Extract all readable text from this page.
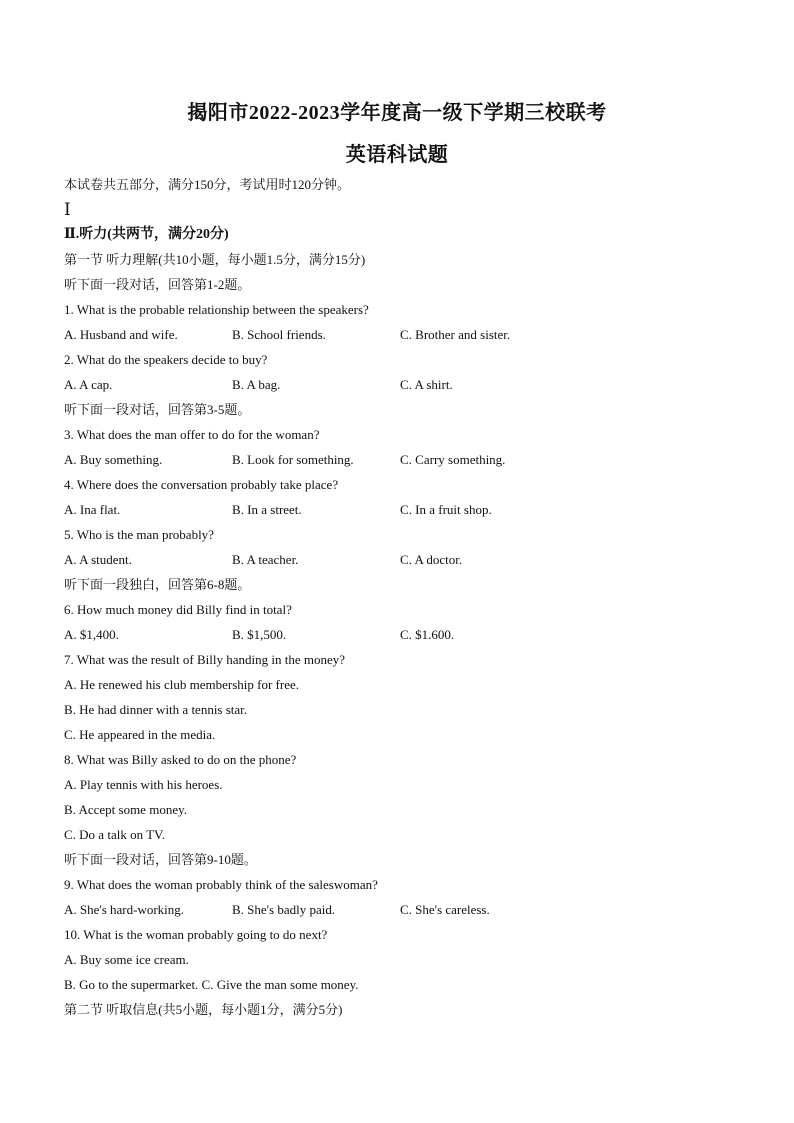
揭阳市2022-2023学年度高一级下学期三校联考
英语科试题
本试卷共五部分，满分150分，考试用时120分钟。
Ⅰ
Ⅱ.听力(共两节，满分20分)
第一节 听力理解(共10小题，每小题1.5分，满分15分)
听下面一段对话，回答第1-2题。
1. What is the probable relationship between the speakers?
A. Husband and wife.	B. School friends.	C. Brother and sister.
2. What do the speakers decide to buy?
A. A cap.	B. A bag.	C. A shirt.
听下面一段对话，回答第3-5题。
3. What does the man offer to do for the woman?
A. Buy something.	B. Look for something.	C. Carry something.
4. Where does the conversation probably take place?
A. Ina flat.	B. In a street.	C. In a fruit shop.
5. Who is the man probably?
A. A student.	B. A teacher.	C. A doctor.
听下面一段独白，回答第6-8题。
6. How much money did Billy find in total?
A. $1,400.	B. $1,500.	C. $1.600.
7. What was the result of Billy handing in the money?
A. He renewed his club membership for free.
B. He had dinner with a tennis star.
C. He appeared in the media.
8. What was Billy asked to do on the phone?
A. Play tennis with his heroes.
B. Accept some money.
C. Do a talk on TV.
听下面一段对话，回答第9-10题。
9. What does the woman probably think of the saleswoman?
A. She's hard-working.	B. She's badly paid.	C. She's careless.
10. What is the woman probably going to do next?
A. Buy some ice cream.
B. Go to the supermarket. C. Give the man some money.
第二节 听取信息(共5小题，每小题1分，满分5分)
